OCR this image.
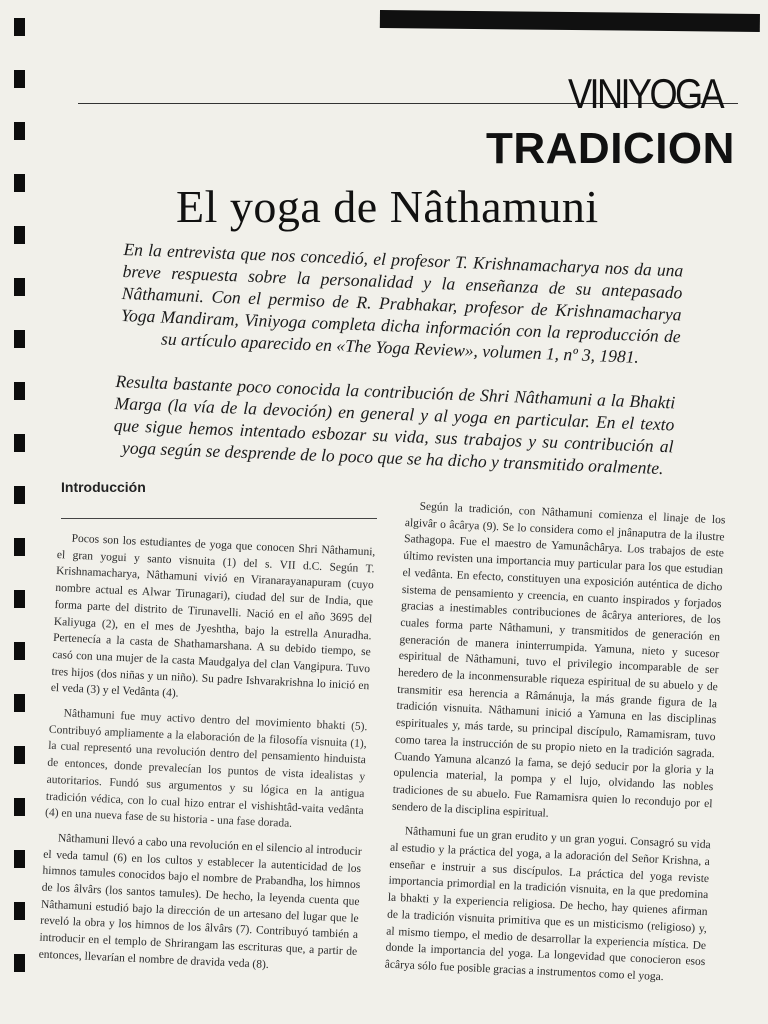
VINIYOGA
TRADICION
El yoga de Nâthamuni

En la entrevista que nos concedió, el profesor T. Krishnamacharya nos da una breve respuesta sobre la personalidad y la enseñanza de su antepasado Nâthamuni. Con el permiso de R. Prabhakar, profesor de Krishnamacharya Yoga Mandiram, Viniyoga completa dicha información con la reproducción de su artículo aparecido en «The Yoga Review», volumen 1, nº 3, 1981.

Resulta bastante poco conocida la contribución de Shri Nâthamuni a la Bhakti Marga (la vía de la devoción) en general y al yoga en particular. En el texto que sigue hemos intentado esbozar su vida, sus trabajos y su contribución al yoga según se desprende de lo poco que se ha dicho y transmitido oralmente.

Introducción

Pocos son los estudiantes de yoga que conocen Shri Nâthamuni, el gran yogui y santo visnuita (1) del s. VII d.C. Según T. Krishnamacharya, Nâthamuni vivió en Viranarayanapuram (cuyo nombre actual es Alwar Tirunagari), ciudad del sur de India, que forma parte del distrito de Tirunavelli. Nació en el año 3695 del Kaliyuga (2), en el mes de Jyeshtha, bajo la estrella Anuradha. Pertenecía a la casta de Shathamarshana. A su debido tiempo, se casó con una mujer de la casta Maudgalya del clan Vangipura. Tuvo tres hijos (dos niñas y un niño). Su padre Ishvarakrishna lo inició en el veda (3) y el Vedânta (4).

Nâthamuni fue muy activo dentro del movimiento bhakti (5). Contribuyó ampliamente a la elaboración de la filosofía visnuita (1), la cual representó una revolución dentro del pensamiento hinduista de entonces, donde prevalecían los puntos de vista idealistas y autoritarios. Fundó sus argumentos y su lógica en la antigua tradición védica, con lo cual hizo entrar el vishishtâd-vaita vedânta (4) en una nueva fase de su historia - una fase dorada.

Nâthamuni llevó a cabo una revolución en el silencio al introducir el veda tamul (6) en los cultos y establecer la autenticidad de los himnos tamules conocidos bajo el nombre de Prabandha, los himnos de los âlvârs (los santos tamules). De hecho, la leyenda cuenta que Nâthamuni estudió bajo la dirección de un artesano del lugar que le reveló la obra y los himnos de los âlvârs (7). Contribuyó también a introducir en el templo de Shrirangam las escrituras que, a partir de entonces, llevarían el nombre de dravida veda (8).

Según la tradición, con Nâthamuni comienza el linaje de los algivâr o âcârya (9). Se lo considera como el jnânaputra de la ilustre Sathagopa. Fue el maestro de Yamunâchârya. Los trabajos de este último revisten una importancia muy particular para los que estudian el vedânta. En efecto, constituyen una exposición auténtica de dicho sistema de pensamiento y creencia, en cuanto inspirados y forjados gracias a inestimables contribuciones de âcârya anteriores, de los cuales forma parte Nâthamuni, y transmitidos de generación en generación de manera ininterrumpida. Yamuna, nieto y sucesor espiritual de Nâthamuni, tuvo el privilegio incomparable de ser heredero de la inconmensurable riqueza espiritual de su abuelo y de transmitir esa herencia a Râmánuja, la más grande figura de la tradición visnuita. Nâthamuni inició a Yamuna en las disciplinas espirituales y, más tarde, su principal discípulo, Ramamisram, tuvo como tarea la instrucción de su propio nieto en la tradición sagrada. Cuando Yamuna alcanzó la fama, se dejó seducir por la gloria y la opulencia material, la pompa y el lujo, olvidando las nobles tradiciones de su abuelo. Fue Ramamisra quien lo recondujo por el sendero de la disciplina espiritual.

Nâthamuni fue un gran erudito y un gran yogui. Consagró su vida al estudio y la práctica del yoga, a la adoración del Señor Krishna, a enseñar e instruir a sus discípulos. La práctica del yoga reviste importancia primordial en la tradición visnuita, en la que predomina la bhakti y la experiencia religiosa. De hecho, hay quienes afirman de la tradición visnuita primitiva que es un misticismo (religioso) y, al mismo tiempo, el medio de desarrollar la experiencia mística. De donde la importancia del yoga. La longevidad que conocieron esos âcârya sólo fue posible gracias a instrumentos como el yoga.
